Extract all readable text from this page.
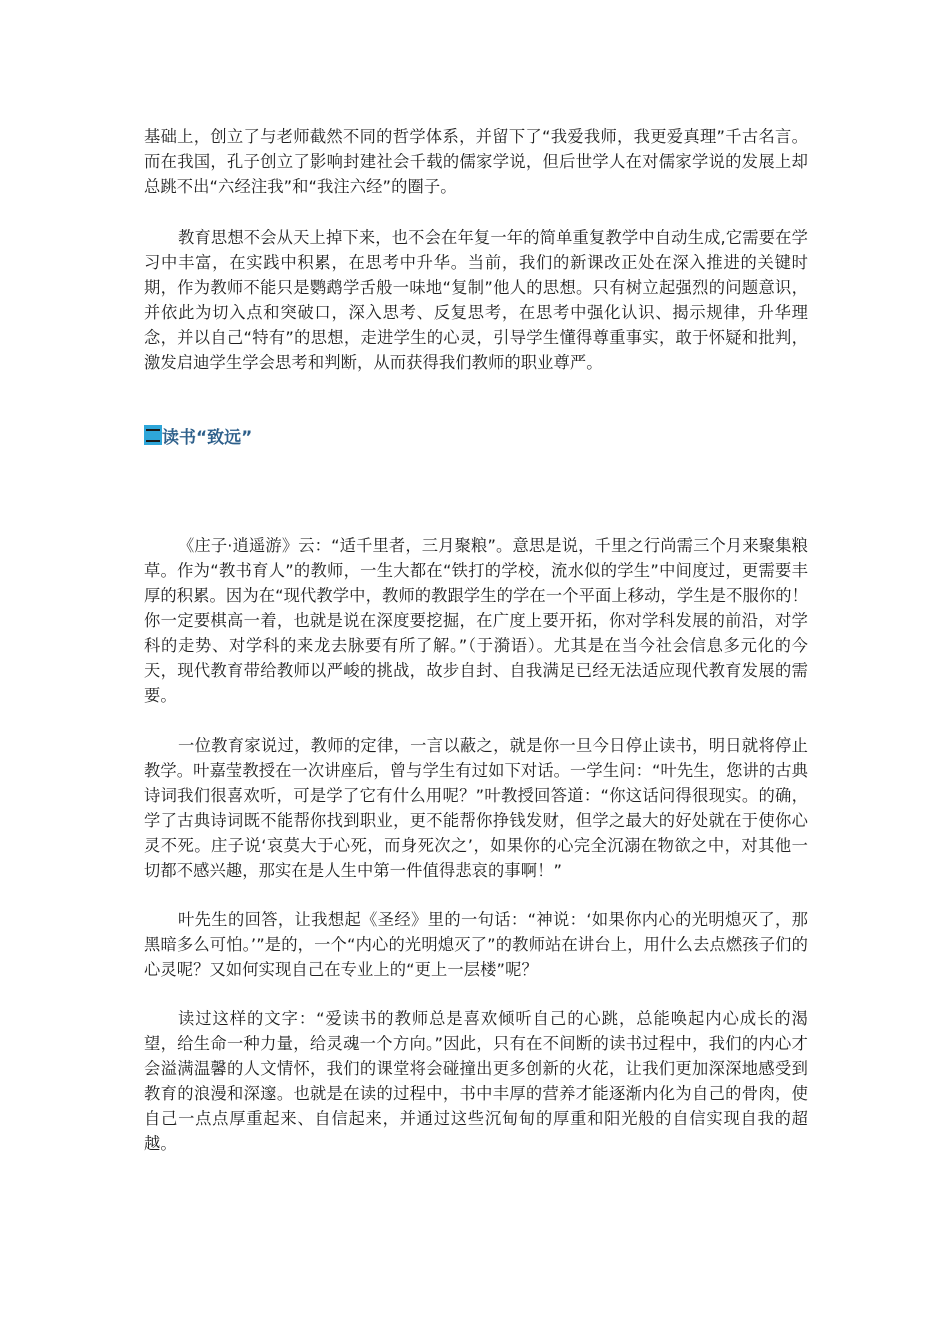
基础上，创立了与老师截然不同的哲学体系，并留下了“我爱我师，我更爱真理”千古名言。而在我国，孔子创立了影响封建社会千载的儒家学说，但后世学人在对儒家学说的发展上却总跳不出“六经注我”和“我注六经”的圈子。

教育思想不会从天上掉下来，也不会在年复一年的简单重复教学中自动生成,它需要在学习中丰富，在实践中积累，在思考中升华。当前，我们的新课改正处在深入推进的关键时期，作为教师不能只是鹦鹉学舌般一味地“复制”他人的思想。只有树立起强烈的问题意识，并依此为切入点和突破口，深入思考、反复思考，在思考中强化认识、揭示规律，升华理念，并以自己“特有”的思想，走进学生的心灵，引导学生懂得尊重事实，敢于怀疑和批判，激发启迪学生学会思考和判断，从而获得我们教师的职业尊严。

读书“致远”

《庄子·逍遥游》云：“适千里者，三月聚粮”。意思是说，千里之行尚需三个月来聚集粮草。作为“教书育人”的教师，一生大都在“铁打的学校，流水似的学生”中间度过，更需要丰厚的积累。因为在“现代教学中，教师的教跟学生的学在一个平面上移动，学生是不服你的！你一定要棋高一着，也就是说在深度要挖掘，在广度上要开拓，你对学科发展的前沿，对学科的走势、对学科的来龙去脉要有所了解。”（于漪语）。尤其是在当今社会信息多元化的今天，现代教育带给教师以严峻的挑战，故步自封、自我满足已经无法适应现代教育发展的需要。

一位教育家说过，教师的定律，一言以蔽之，就是你一旦今日停止读书，明日就将停止教学。叶嘉莹教授在一次讲座后，曾与学生有过如下对话。一学生问：“叶先生，您讲的古典诗词我们很喜欢听，可是学了它有什么用呢？”叶教授回答道：“你这话问得很现实。的确，学了古典诗词既不能帮你找到职业，更不能帮你挣钱发财，但学之最大的好处就在于使你心灵不死。庄子说‘哀莫大于心死，而身死次之’，如果你的心完全沉溺在物欲之中，对其他一切都不感兴趣，那实在是人生中第一件值得悲哀的事啊！”

叶先生的回答，让我想起《圣经》里的一句话：“神说：‘如果你内心的光明熄灭了，那黑暗多么可怕。’”是的，一个“内心的光明熄灭了”的教师站在讲台上，用什么去点燃孩子们的心灵呢？又如何实现自己在专业上的“更上一层楼”呢？

读过这样的文字：“爱读书的教师总是喜欢倾听自己的心跳，总能唤起内心成长的渴望，给生命一种力量，给灵魂一个方向。”因此，只有在不间断的读书过程中，我们的内心才会溢满温馨的人文情怀，我们的课堂将会碰撞出更多创新的火花，让我们更加深深地感受到教育的浪漫和深邃。也就是在读的过程中，书中丰厚的营养才能逐渐内化为自己的骨肉，使自己一点点厚重起来、自信起来，并通过这些沉甸甸的厚重和阳光般的自信实现自我的超越。
